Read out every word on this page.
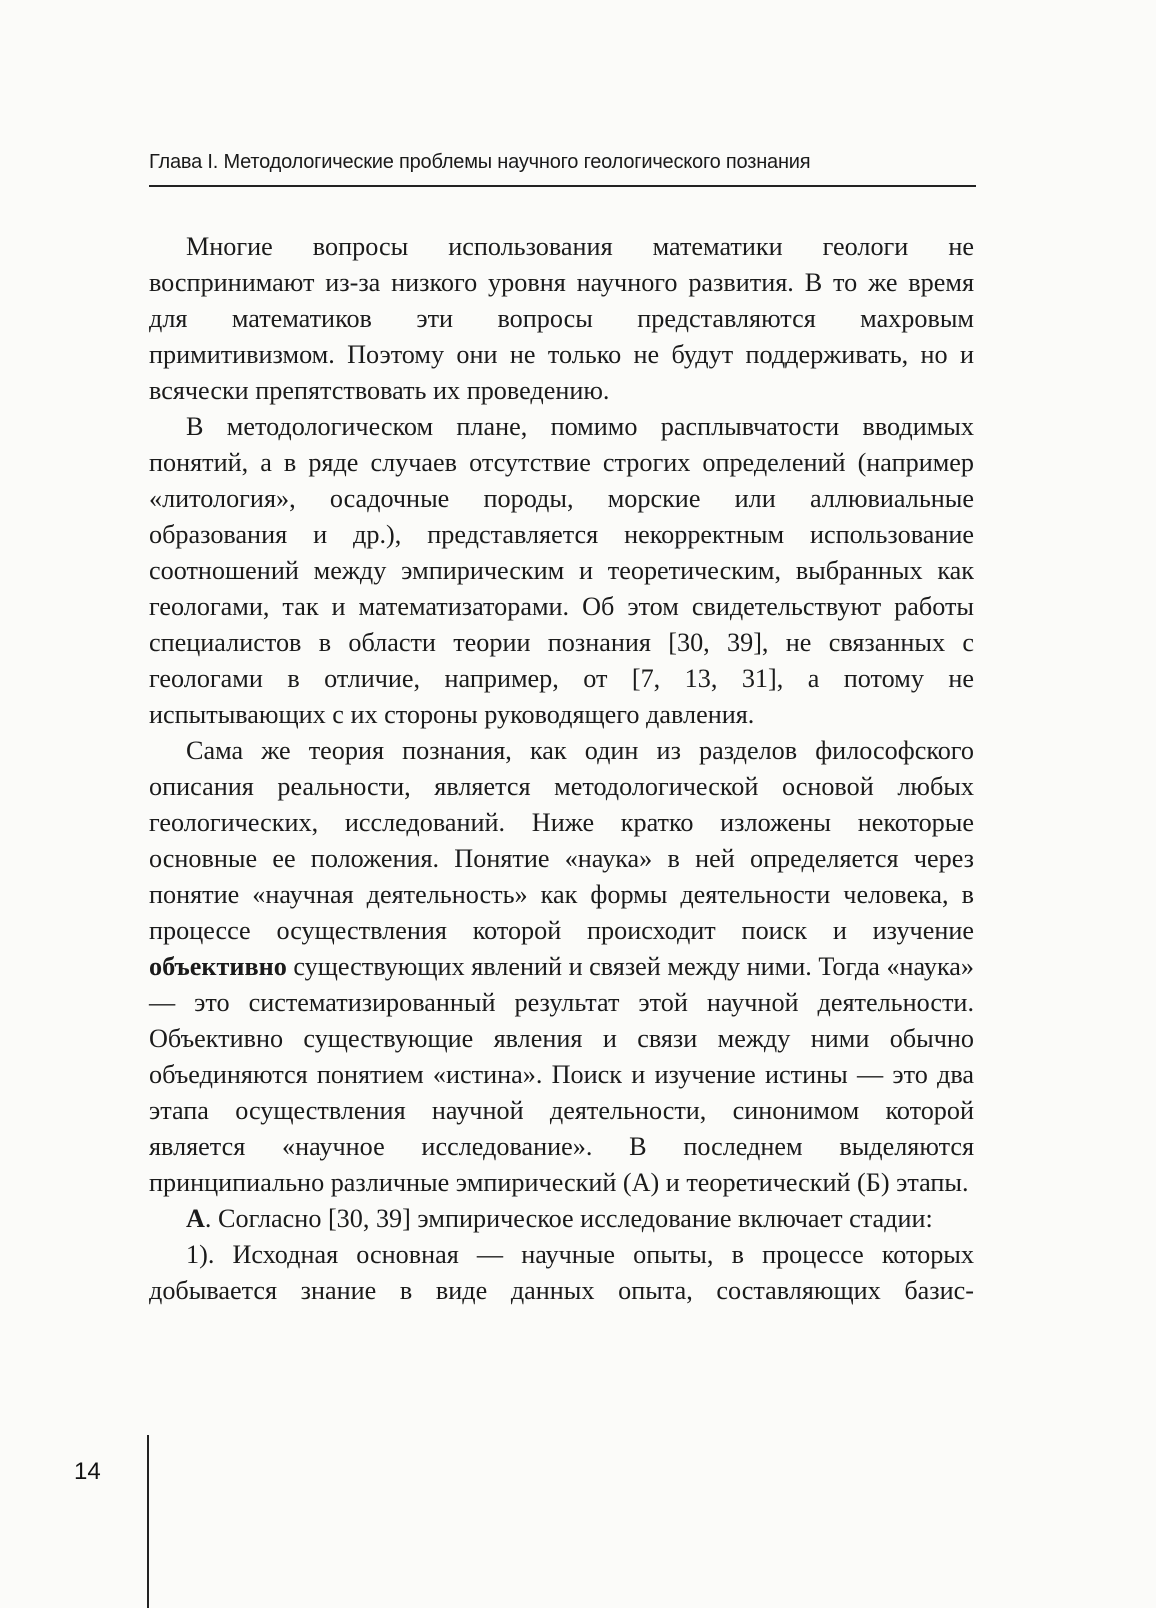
Глава I. Методологические проблемы научного геологического познания

Многие вопросы использования математики геологи не воспринимают из-за низкого уровня научного развития. В то же время для математиков эти вопросы представляются махровым примитивизмом. Поэтому они не только не будут поддерживать, но и всячески препятствовать их проведению.

В методологическом плане, помимо расплывчатости вводимых понятий, а в ряде случаев отсутствие строгих определений (например «литология», осадочные породы, морские или аллювиальные образования и др.), представляется некорректным использование соотношений между эмпирическим и теоретическим, выбранных как геологами, так и математизаторами. Об этом свидетельствуют работы специалистов в области теории познания [30, 39], не связанных с геологами в отличие, например, от [7, 13, 31], а потому не испытывающих с их стороны руководящего давления.

Сама же теория познания, как один из разделов философского описания реальности, является методологической основой любых геологических, исследований. Ниже кратко изложены некоторые основные ее положения. Понятие «наука» в ней определяется через понятие «научная деятельность» как формы деятельности человека, в процессе осуществления которой происходит поиск и изучение объективно существующих явлений и связей между ними. Тогда «наука» — это систематизированный результат этой научной деятельности. Объективно существующие явления и связи между ними обычно объединяются понятием «истина». Поиск и изучение истины — это два этапа осуществления научной деятельности, синонимом которой является «научное исследование». В последнем выделяются принципиально различные эмпирический (А) и теоретический (Б) этапы.

А. Согласно [30, 39] эмпирическое исследование включает стадии:

1). Исходная основная — научные опыты, в процессе которых добывается знание в виде данных опыта, составляющих базис-

14
